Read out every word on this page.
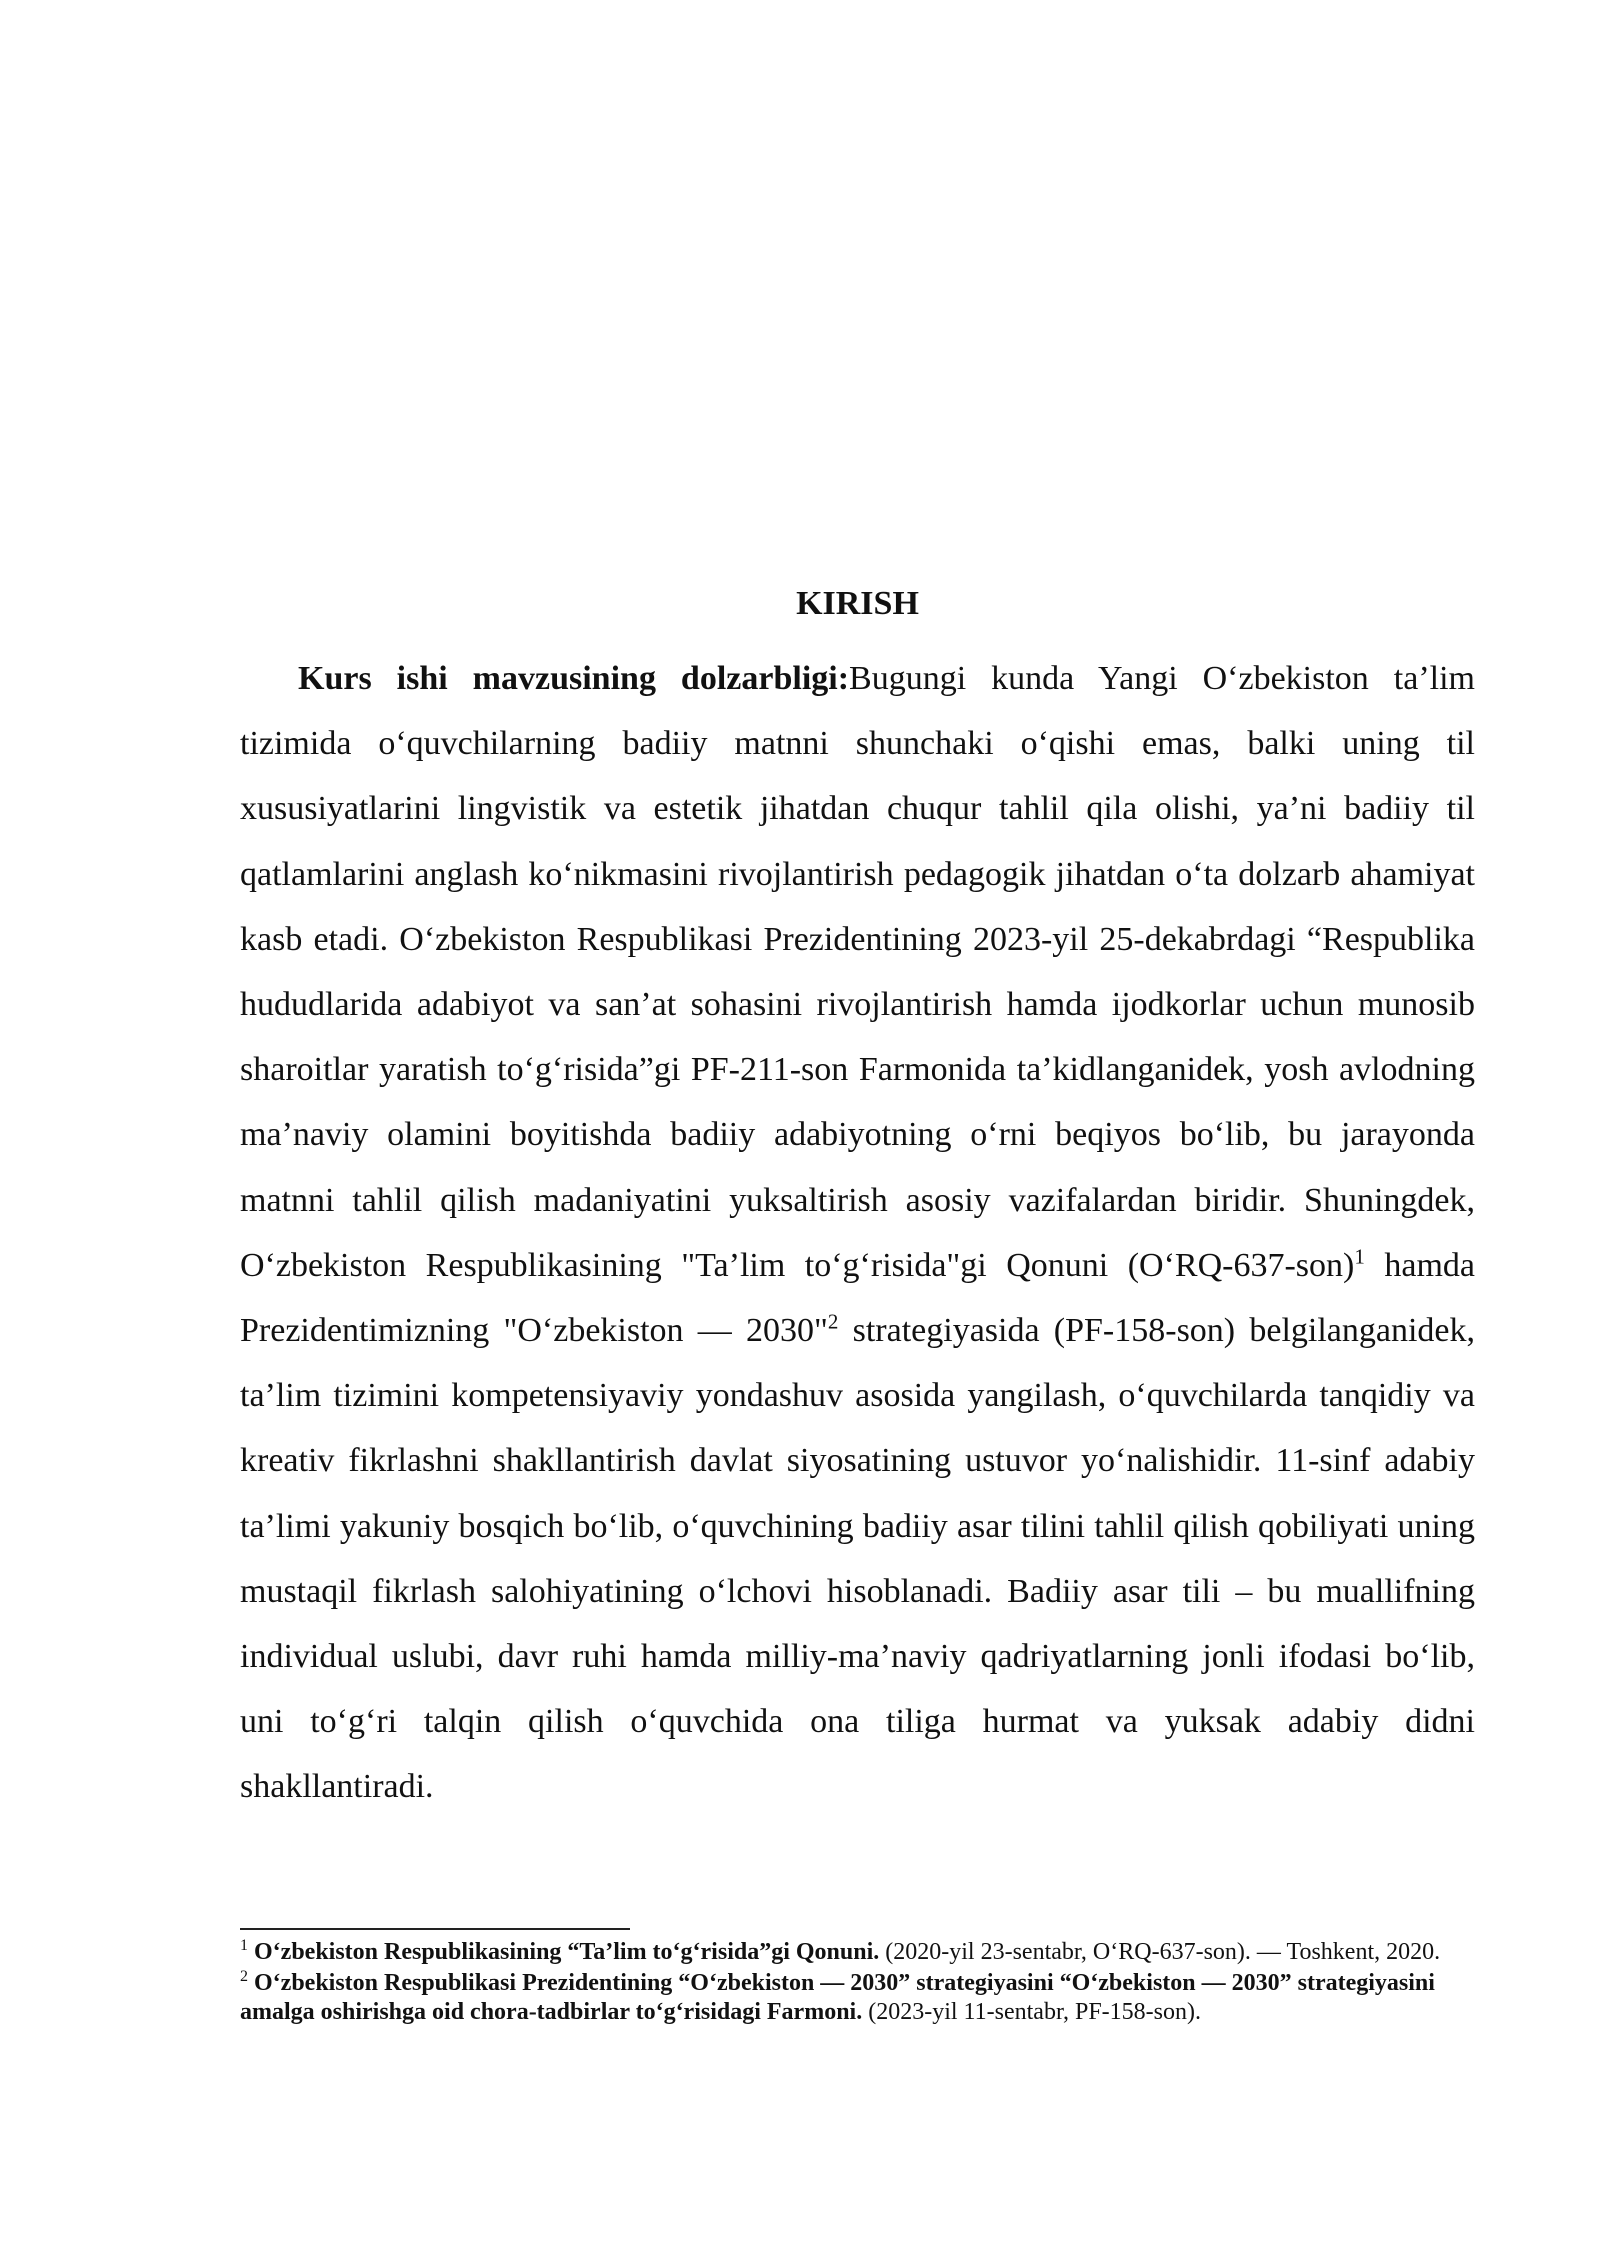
KIRISH

Kurs ishi mavzusining dolzarbligi:Bugungi kunda Yangi O‘zbekiston ta’lim tizimida o‘quvchilarning badiiy matnni shunchaki o‘qishi emas, balki uning til xususiyatlarini lingvistik va estetik jihatdan chuqur tahlil qila olishi, ya’ni badiiy til qatlamlarini anglash ko‘nikmasini rivojlantirish pedagogik jihatdan o‘ta dolzarb ahamiyat kasb etadi. O‘zbekiston Respublikasi Prezidentining 2023-yil 25-dekabrdagi “Respublika hududlarida adabiyot va san’at sohasini rivojlantirish hamda ijodkorlar uchun munosib sharoitlar yaratish to‘g‘risida”gi PF-211-son Farmonida ta’kidlanganidek, yosh avlodning ma’naviy olamini boyitishda badiiy adabiyotning o‘rni beqiyos bo‘lib, bu jarayonda matnni tahlil qilish madaniyatini yuksaltirish asosiy vazifalardan biridir. Shuningdek, O‘zbekiston Respublikasining "Ta’lim to‘g‘risida"gi Qonuni (O‘RQ-637-son)$^1$ hamda Prezidentimizning "O‘zbekiston — 2030"$^2$ strategiyasida (PF-158-son) belgilanganidek, ta’lim tizimini kompetensiyaviy yondashuv asosida yangilash, o‘quvchilarda tanqidiy va kreativ fikrlashni shakllantirish davlat siyosatining ustuvor yo‘nalishidir. 11-sinf adabiy ta’limi yakuniy bosqich bo‘lib, o‘quvchining badiiy asar tilini tahlil qilish qobiliyati uning mustaqil fikrlash salohiyatining o‘lchovi hisoblanadi. Badiiy asar tili – bu muallifning individual uslubi, davr ruhi hamda milliy-ma’naviy qadriyatlarning jonli ifodasi bo‘lib, uni to‘g‘ri talqin qilish o‘quvchida ona tiliga hurmat va yuksak adabiy didni shakllantiradi.

$^1$ O‘zbekiston Respublikasining “Ta’lim to‘g‘risida”gi Qonuni. (2020-yil 23-sentabr, O‘RQ-637-son). — Toshkent, 2020.

$^2$ O‘zbekiston Respublikasi Prezidentining “O‘zbekiston — 2030” strategiyasini “O‘zbekiston — 2030” strategiyasini amalga oshirishga oid chora-tadbirlar to‘g‘risidagi Farmoni. (2023-yil 11-sentabr, PF-158-son).
